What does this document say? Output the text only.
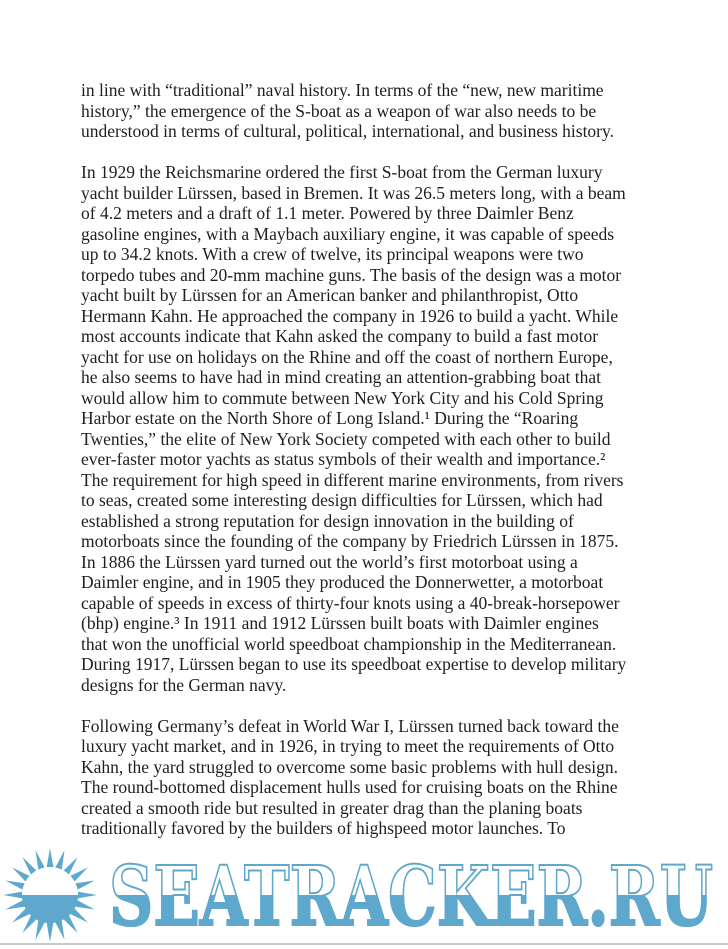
in line with “traditional” naval history. In terms of the “new, new maritime
history,” the emergence of the S-boat as a weapon of war also needs to be
understood in terms of cultural, political, international, and business history.
In 1929 the Reichsmarine ordered the first S-boat from the German luxury
yacht builder Lürssen, based in Bremen. It was 26.5 meters long, with a beam
of 4.2 meters and a draft of 1.1 meter. Powered by three Daimler Benz
gasoline engines, with a Maybach auxiliary engine, it was capable of speeds
up to 34.2 knots. With a crew of twelve, its principal weapons were two
torpedo tubes and 20-mm machine guns. The basis of the design was a motor
yacht built by Lürssen for an American banker and philanthropist, Otto
Hermann Kahn. He approached the company in 1926 to build a yacht. While
most accounts indicate that Kahn asked the company to build a fast motor
yacht for use on holidays on the Rhine and off the coast of northern Europe,
he also seems to have had in mind creating an attention-grabbing boat that
would allow him to commute between New York City and his Cold Spring
Harbor estate on the North Shore of Long Island.¹ During the “Roaring
Twenties,” the elite of New York Society competed with each other to build
ever-faster motor yachts as status symbols of their wealth and importance.²
The requirement for high speed in different marine environments, from rivers
to seas, created some interesting design difficulties for Lürssen, which had
established a strong reputation for design innovation in the building of
motorboats since the founding of the company by Friedrich Lürssen in 1875.
In 1886 the Lürssen yard turned out the world’s first motorboat using a
Daimler engine, and in 1905 they produced the Donnerwetter, a motorboat
capable of speeds in excess of thirty-four knots using a 40-break-horsepower
(bhp) engine.³ In 1911 and 1912 Lürssen built boats with Daimler engines
that won the unofficial world speedboat championship in the Mediterranean.
During 1917, Lürssen began to use its speedboat expertise to develop military
designs for the German navy.
Following Germany’s defeat in World War I, Lürssen turned back toward the
luxury yacht market, and in 1926, in trying to meet the requirements of Otto
Kahn, the yard struggled to overcome some basic problems with hull design.
The round-bottomed displacement hulls used for cruising boats on the Rhine
created a smooth ride but resulted in greater drag than the planing boats
traditionally favored by the builders of highspeed motor launches. To
SEATRACKER.RU
